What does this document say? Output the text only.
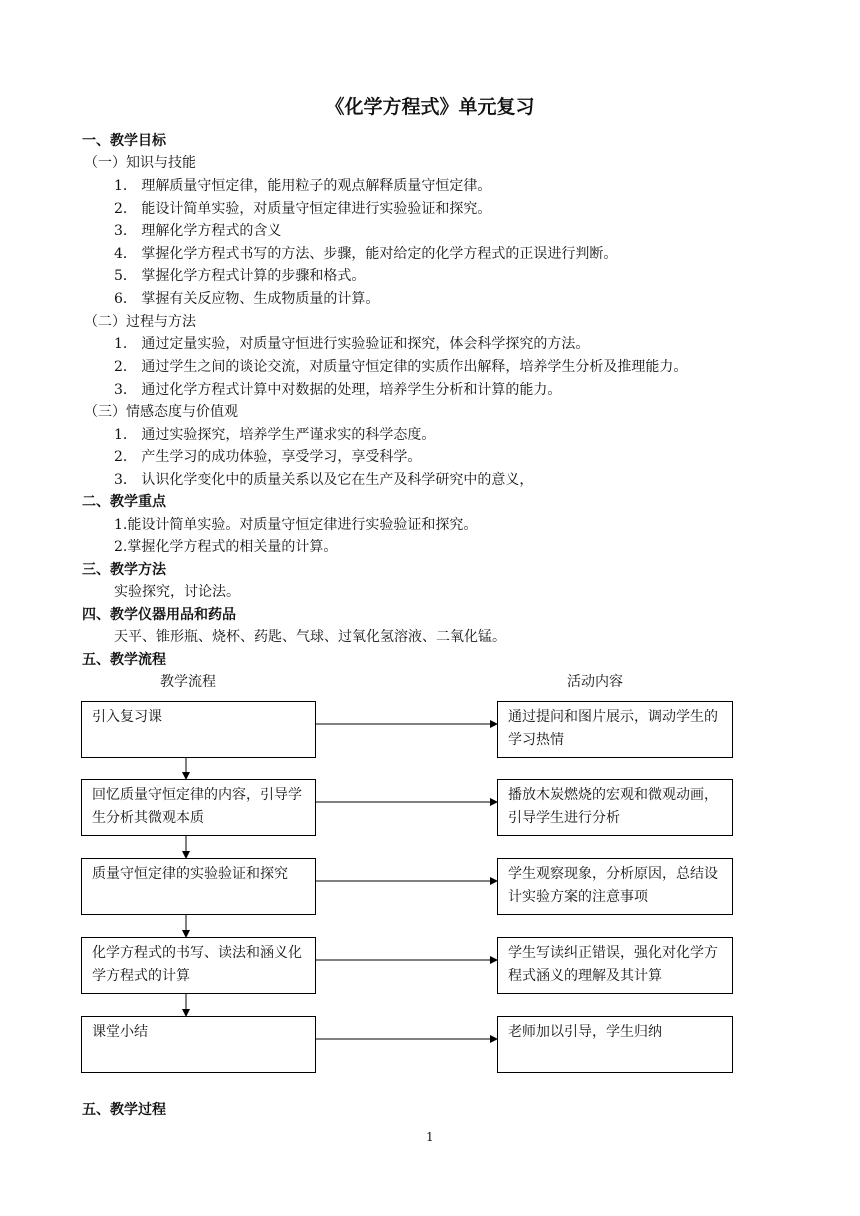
《化学方程式》单元复习
一、教学目标
（一）知识与技能
1． 理解质量守恒定律，能用粒子的观点解释质量守恒定律。
2． 能设计简单实验，对质量守恒定律进行实验验证和探究。
3． 理解化学方程式的含义
4． 掌握化学方程式书写的方法、步骤，能对给定的化学方程式的正误进行判断。
5． 掌握化学方程式计算的步骤和格式。
6． 掌握有关反应物、生成物质量的计算。
（二）过程与方法
1． 通过定量实验，对质量守恒进行实验验证和探究，体会科学探究的方法。
2． 通过学生之间的谈论交流，对质量守恒定律的实质作出解释，培养学生分析及推理能力。
3． 通过化学方程式计算中对数据的处理，培养学生分析和计算的能力。
（三）情感态度与价值观
1． 通过实验探究，培养学生严谨求实的科学态度。
2． 产生学习的成功体验，享受学习，享受科学。
3． 认识化学变化中的质量关系以及它在生产及科学研究中的意义，
二、教学重点
1.能设计简单实验。对质量守恒定律进行实验验证和探究。
2.掌握化学方程式的相关量的计算。
三、教学方法
实验探究，讨论法。
四、教学仪器用品和药品
天平、锥形瓶、烧杯、药匙、气球、过氧化氢溶液、二氧化锰。
五、教学流程
教学流程	活动内容
引入复习课
回忆质量守恒定律的内容，引导学生分析其微观本质
质量守恒定律的实验验证和探究
化学方程式的书写、读法和涵义化学方程式的计算
课堂小结
通过提问和图片展示，调动学生的学习热情
播放木炭燃烧的宏观和微观动画，引导学生进行分析
学生观察现象，分析原因，总结设计实验方案的注意事项
学生写读纠正错误，强化对化学方程式涵义的理解及其计算
老师加以引导，学生归纳
五、教学过程
1
